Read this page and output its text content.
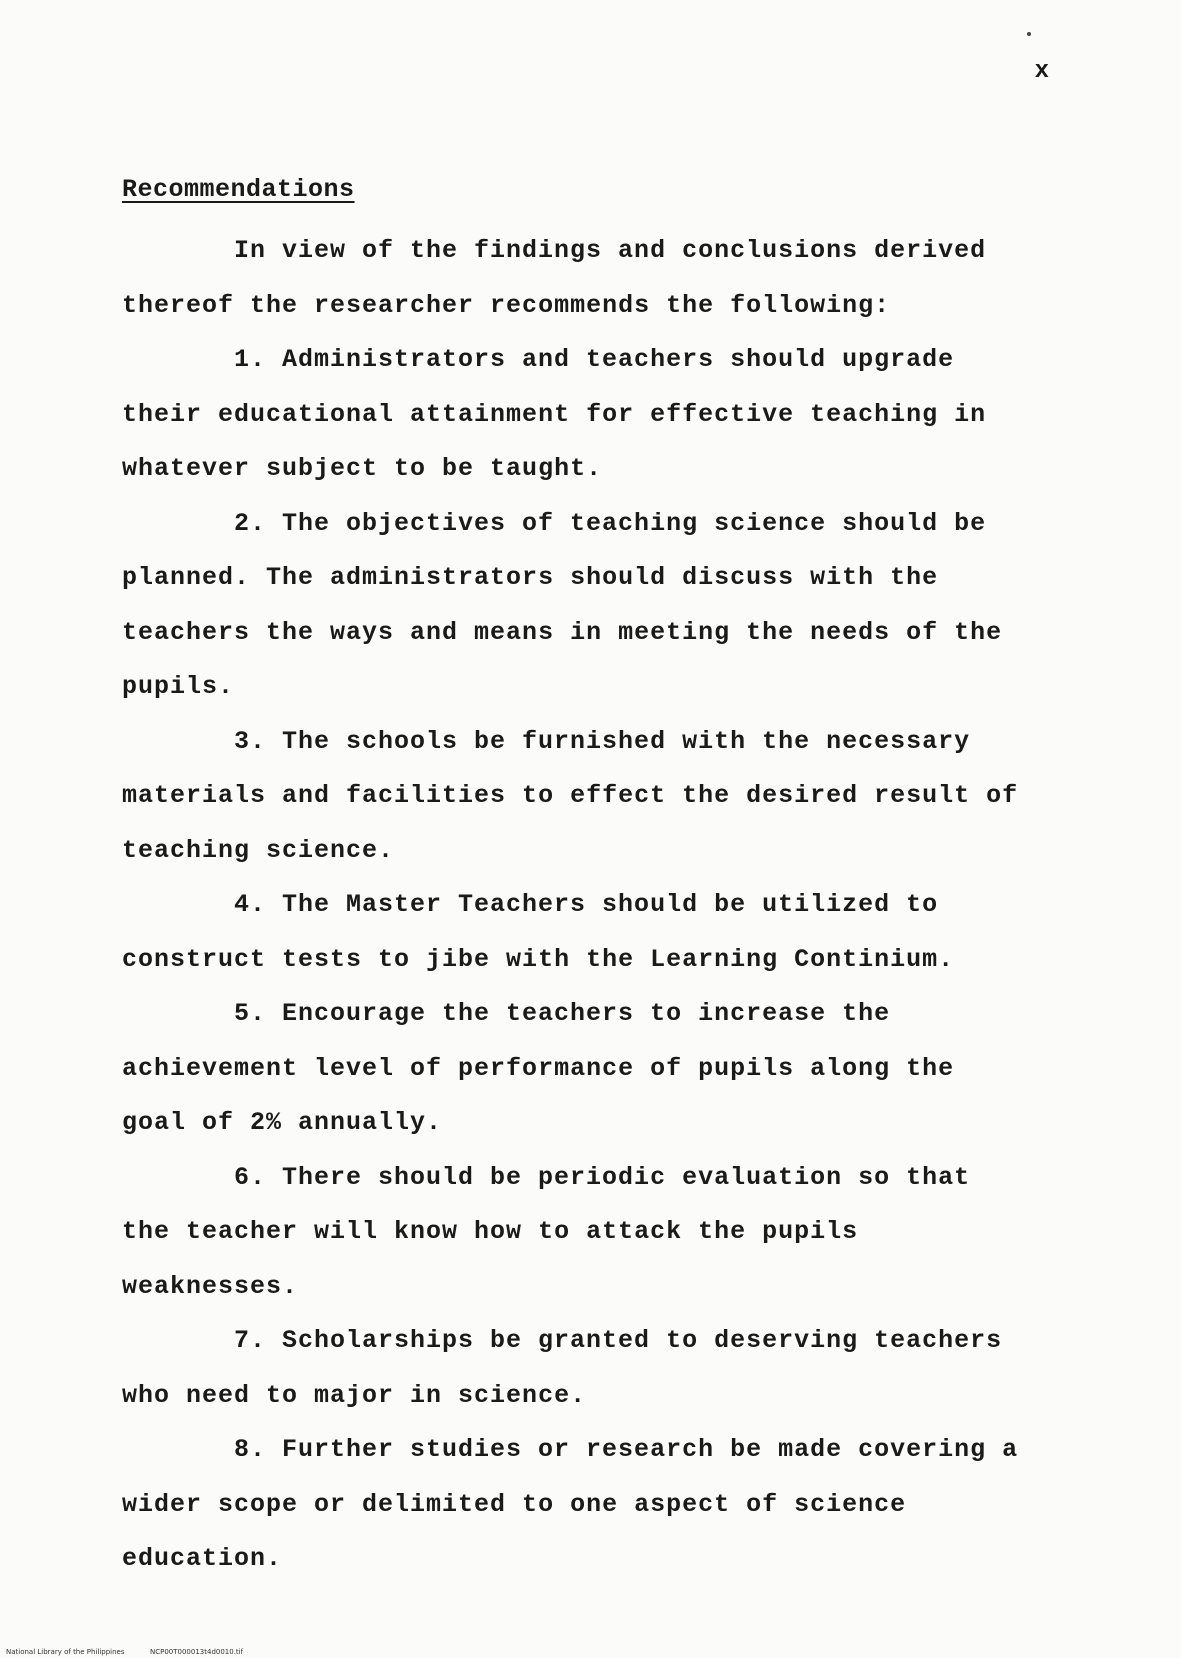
x
Recommendations

In view of the findings and conclusions derived thereof the researcher recommends the following:

1. Administrators and teachers should upgrade their educational attainment for effective teaching in whatever subject to be taught.
2. The objectives of teaching science should be planned. The administrators should discuss with the teachers the ways and means in meeting the needs of the pupils.
3. The schools be furnished with the necessary materials and facilities to effect the desired result of teaching science.
4. The Master Teachers should be utilized to construct tests to jibe with the Learning Continium.
5. Encourage the teachers to increase the achievement level of performance of pupils along the goal of 2% annually.
6. There should be periodic evaluation so that the teacher will know how to attack the pupils weaknesses.
7. Scholarships be granted to deserving teachers who need to major in science.
8. Further studies or research be made covering a wider scope or delimited to one aspect of science education.
National Library of the Philippines	NCP00T000013t4d0010.tif
